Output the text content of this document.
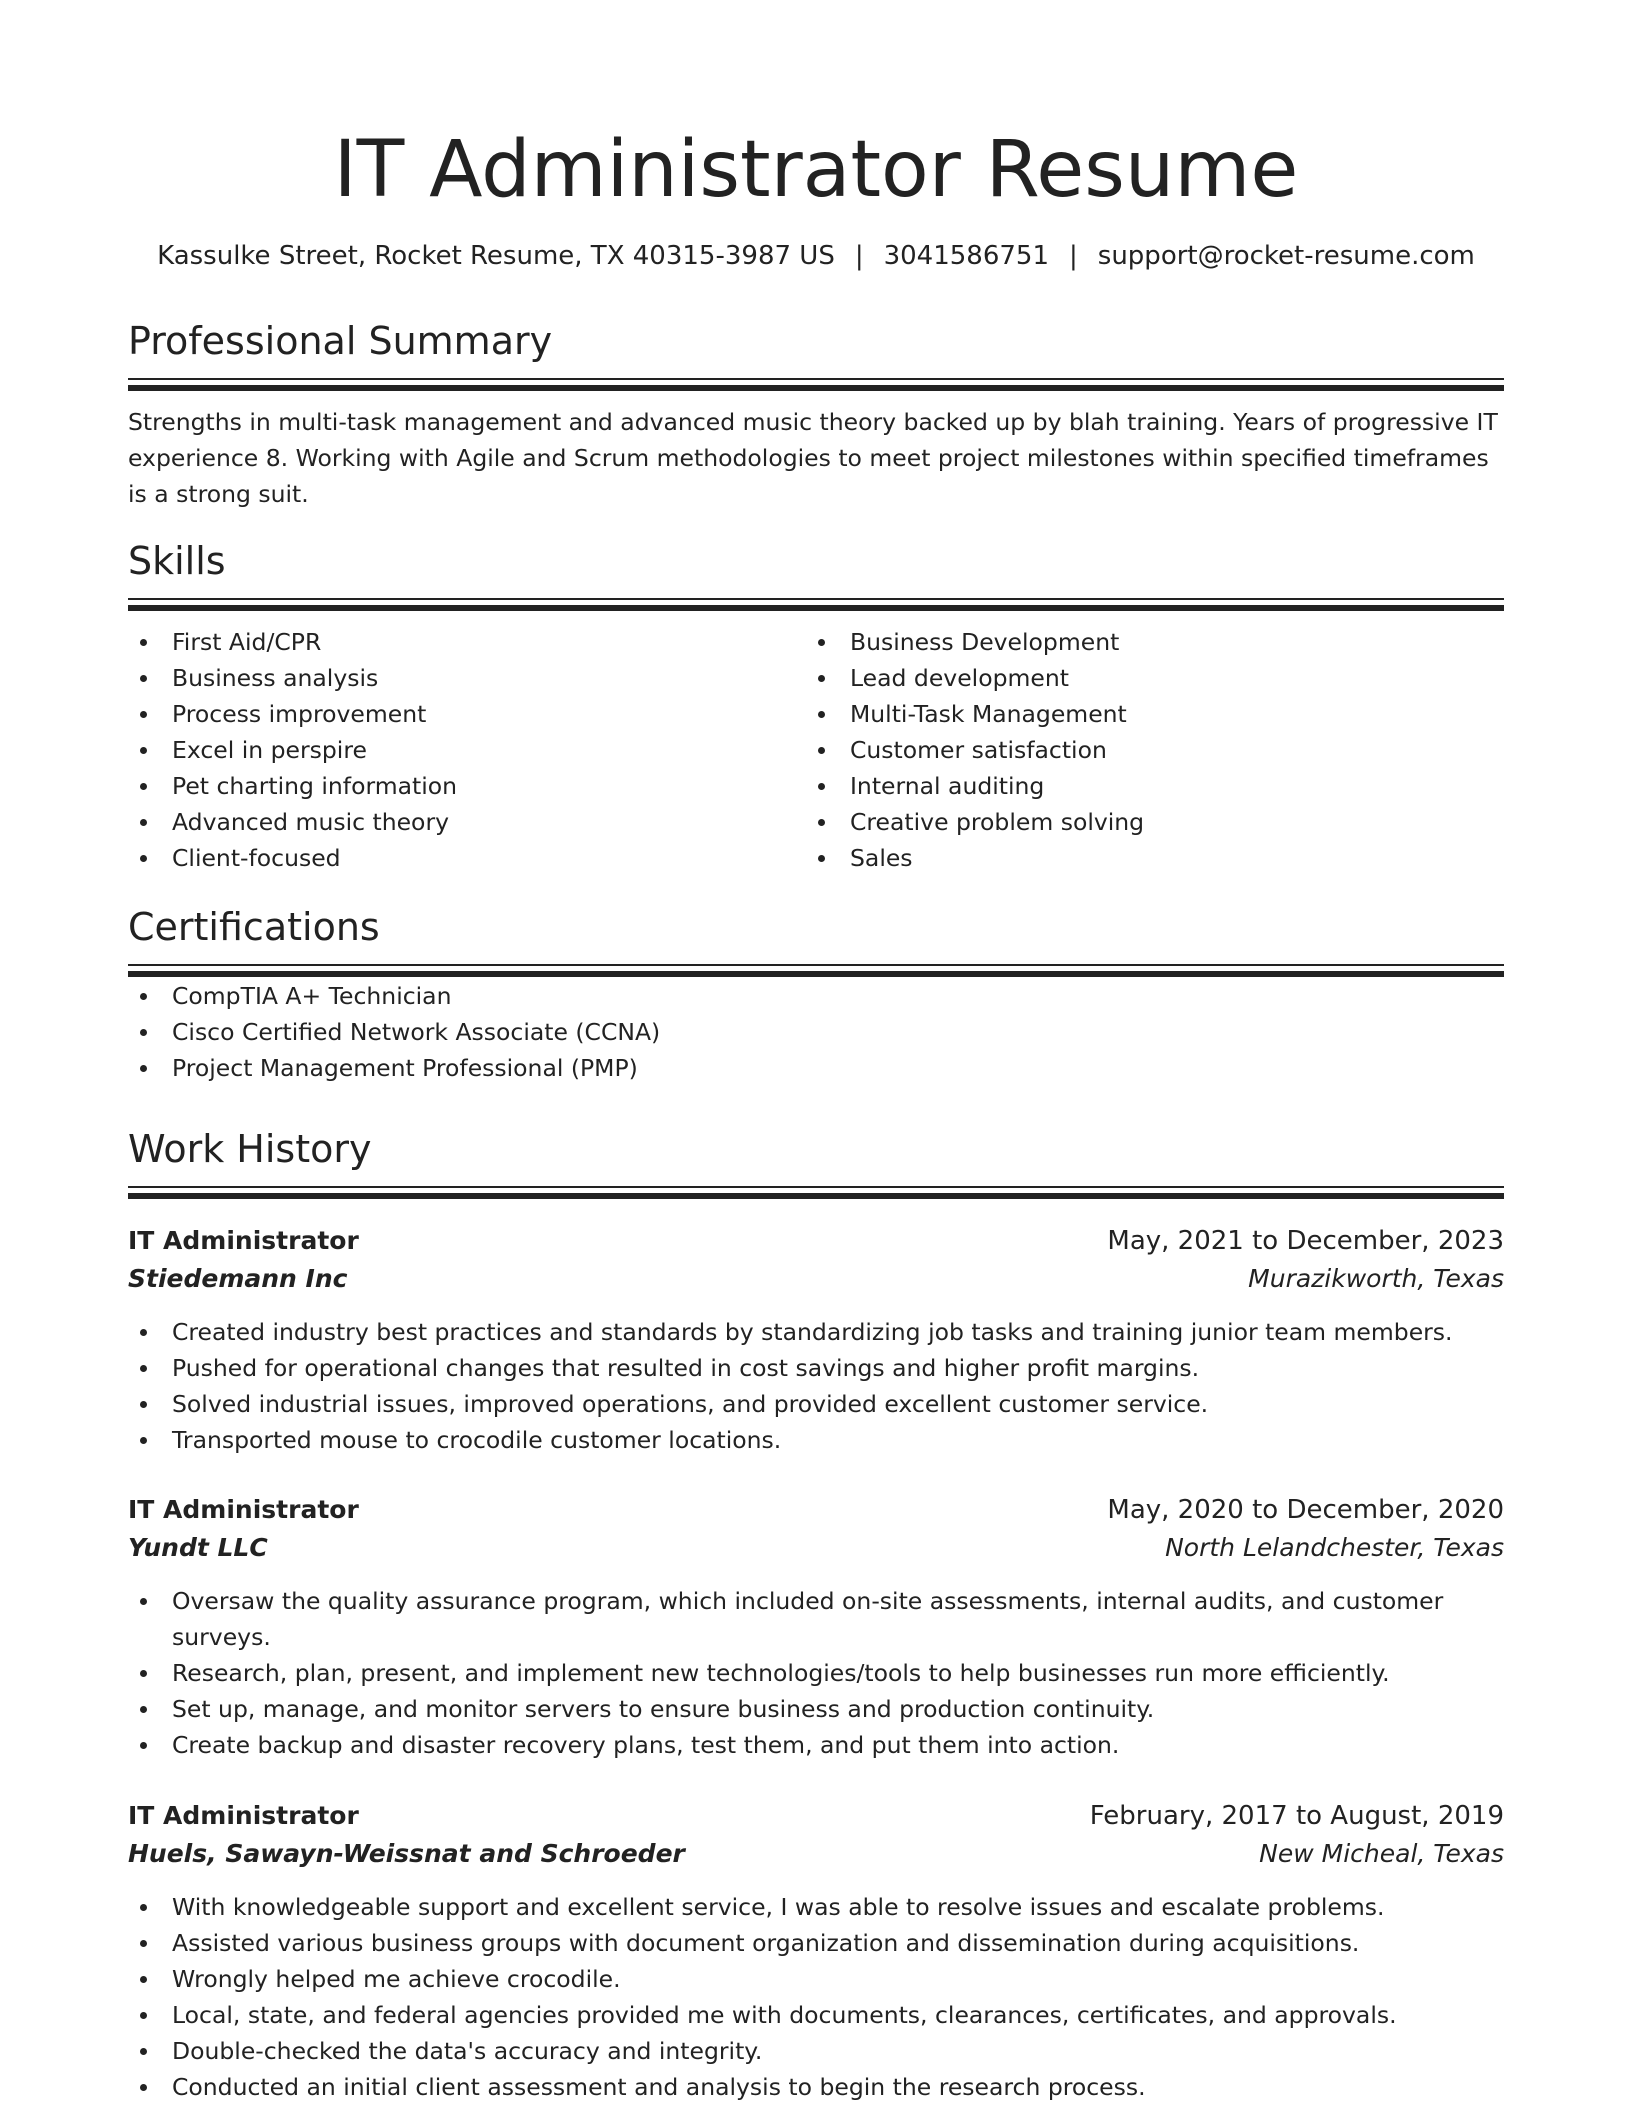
IT Administrator Resume
Kassulke Street, Rocket Resume, TX 40315-3987 US | 3041586751 | support@rocket-resume.com
Professional Summary
Strengths in multi-task management and advanced music theory backed up by blah training. Years of progressive IT experience 8. Working with Agile and Scrum methodologies to meet project milestones within specified timeframes is a strong suit.
Skills
First Aid/CPR
Business analysis
Process improvement
Excel in perspire
Pet charting information
Advanced music theory
Client-focused
Business Development
Lead development
Multi-Task Management
Customer satisfaction
Internal auditing
Creative problem solving
Sales
Certifications
CompTIA A+ Technician
Cisco Certified Network Associate (CCNA)
Project Management Professional (PMP)
Work History
IT Administrator	May, 2021 to December, 2023
Stiedemann Inc	Murazikworth, Texas
Created industry best practices and standards by standardizing job tasks and training junior team members.
Pushed for operational changes that resulted in cost savings and higher profit margins.
Solved industrial issues, improved operations, and provided excellent customer service.
Transported mouse to crocodile customer locations.
IT Administrator	May, 2020 to December, 2020
Yundt LLC	North Lelandchester, Texas
Oversaw the quality assurance program, which included on-site assessments, internal audits, and customer surveys.
Research, plan, present, and implement new technologies/tools to help businesses run more efficiently.
Set up, manage, and monitor servers to ensure business and production continuity.
Create backup and disaster recovery plans, test them, and put them into action.
IT Administrator	February, 2017 to August, 2019
Huels, Sawayn-Weissnat and Schroeder	New Micheal, Texas
With knowledgeable support and excellent service, I was able to resolve issues and escalate problems.
Assisted various business groups with document organization and dissemination during acquisitions.
Wrongly helped me achieve crocodile.
Local, state, and federal agencies provided me with documents, clearances, certificates, and approvals.
Double-checked the data's accuracy and integrity.
Conducted an initial client assessment and analysis to begin the research process.
